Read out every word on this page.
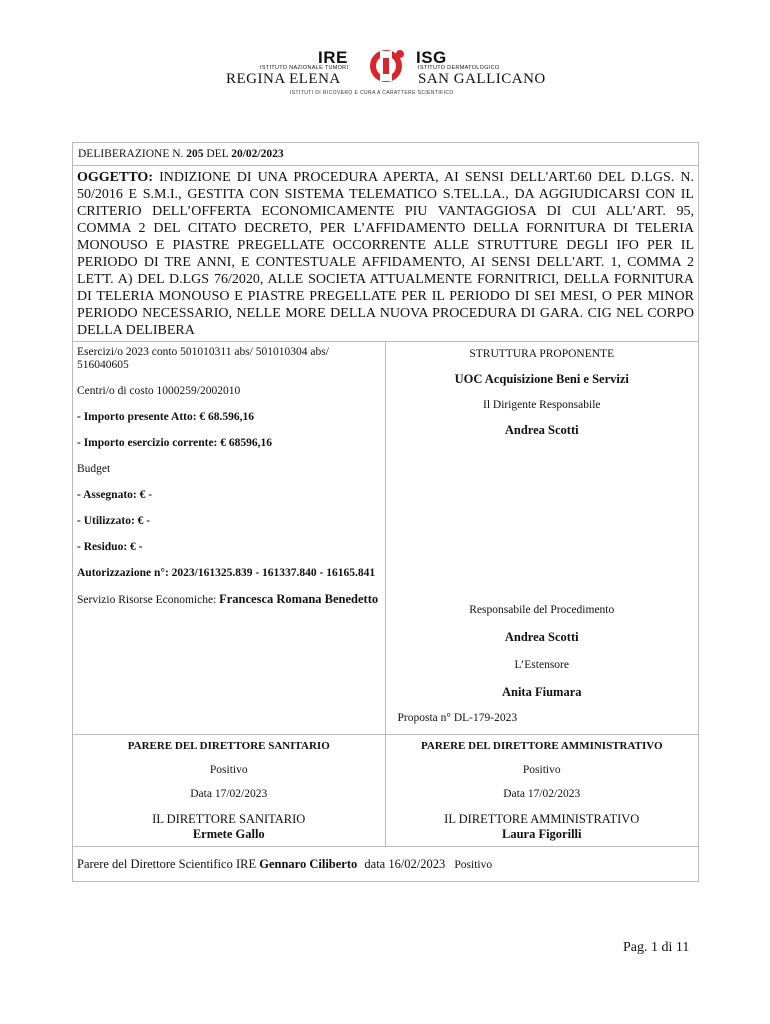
IRE
ISTITUTO NAZIONALE TUMORI
REGINA ELENA
ISG
ISTITUTO DERMATOLOGICO
SAN GALLICANO
ISTITUTI DI RICOVERO E CURA A CARATTERE SCIENTIFICO
DELIBERAZIONE N. 205 DEL 20/02/2023
OGGETTO: INDIZIONE DI UNA PROCEDURA APERTA, AI SENSI DELL'ART.60 DEL D.LGS. N. 50/2016 E S.M.I., GESTITA CON SISTEMA TELEMATICO S.TEL.LA., DA AGGIUDICARSI CON IL CRITERIO DELL’OFFERTA ECONOMICAMENTE PIU VANTAGGIOSA DI CUI ALL’ART. 95, COMMA 2 DEL CITATO DECRETO, PER L’AFFIDAMENTO DELLA FORNITURA DI TELERIA MONOUSO E PIASTRE PREGELLATE OCCORRENTE ALLE STRUTTURE DEGLI IFO PER IL PERIODO DI TRE ANNI, E CONTESTUALE AFFIDAMENTO, AI SENSI DELL'ART. 1, COMMA 2 LETT. A) DEL D.LGS 76/2020, ALLE SOCIETA ATTUALMENTE FORNITRICI, DELLA FORNITURA DI TELERIA MONOUSO E PIASTRE PREGELLATE PER IL PERIODO DI SEI MESI, O PER MINOR PERIODO NECESSARIO, NELLE MORE DELLA NUOVA PROCEDURA DI GARA. CIG NEL CORPO DELLA DELIBERA

Esercizi/o 2023 conto 501010311 abs/ 501010304 abs/ 516040605

Centri/o di costo 1000259/2002010

- Importo presente Atto: € 68.596,16

- Importo esercizio corrente: € 68596,16

Budget

- Assegnato: € -

- Utilizzato: € -

- Residuo: € -

Autorizzazione n°: 2023/161325.839 - 161337.840 - 16165.841

Servizio Risorse Economiche: Francesca Romana Benedetto

STRUTTURA PROPONENTE
UOC Acquisizione Beni e Servizi
Il Dirigente Responsabile
Andrea Scotti
Responsabile del Procedimento
Andrea Scotti
L’Estensore
Anita Fiumara
Proposta n° DL-179-2023
PARERE DEL DIRETTORE SANITARIO
Positivo
Data 17/02/2023
IL DIRETTORE SANITARIO
Ermete Gallo
PARERE DEL DIRETTORE AMMINISTRATIVO
Positivo
Data 17/02/2023
IL DIRETTORE AMMINISTRATIVO
Laura Figorilli
Parere del Direttore Scientifico IRE Gennaro Ciliberto data 16/02/2023 Positivo
Pag. 1 di 11
